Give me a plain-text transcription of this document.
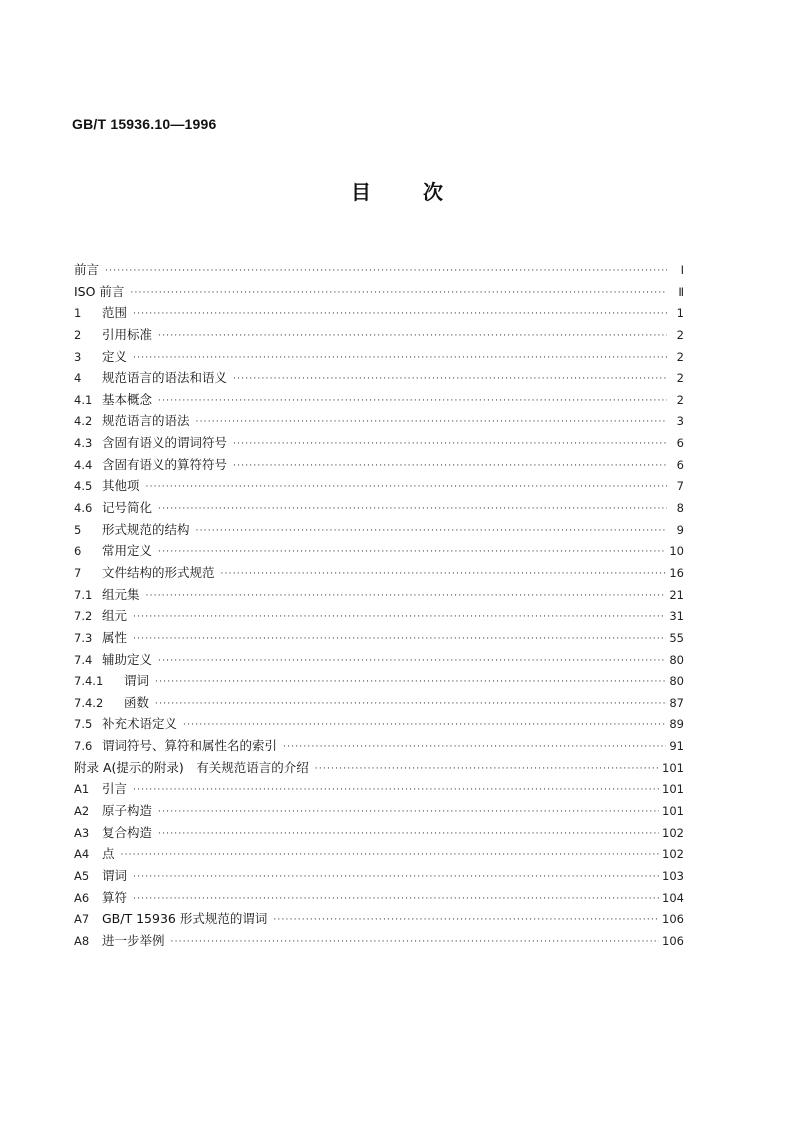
GB/T 15936.10—1996
目	次
前言 ·····	Ⅰ
ISO 前言 ·····	Ⅱ
1	范围 ·····	1
2	引用标准 ·····	2
3	定义 ·····	2
4	规范语言的语法和语义 ·····	2
4.1 基本概念 ·····	2
4.2 规范语言的语法 ·····	3
4.3 含固有语义的谓词符号 ·····	6
4.4 含固有语义的算符符号 ·····	6
4.5 其他项 ·····	7
4.6 记号简化 ·····	8
5	形式规范的结构 ·····	9
6	常用定义 ·····	10
7	文件结构的形式规范 ·····	16
7.1 组元集 ·····	21
7.2 组元 ·····	31
7.3 属性 ·····	55
7.4 辅助定义 ·····	80
7.4.1	谓词 ·····	80
7.4.2	函数 ·····	87
7.5 补充术语定义 ·····	89
7.6 谓词符号、算符和属性名的索引 ·····	91
附录 A(提示的附录)　有关规范语言的介绍 ·····	101
A1	引言 ·····	101
A2	原子构造 ·····	101
A3	复合构造 ·····	102
A4	点 ·····	102
A5	谓词 ·····	103
A6	算符 ·····	104
A7	GB/T 15936 形式规范的谓词 ·····	106
A8	进一步举例 ·····	106
